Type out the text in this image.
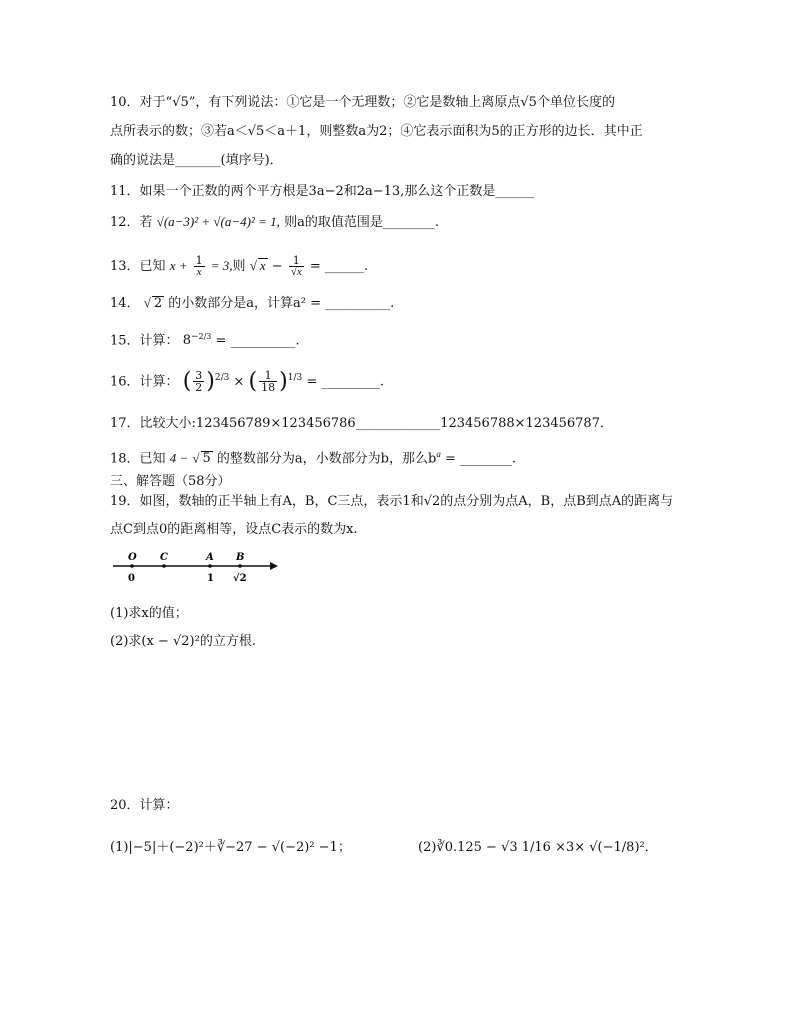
10．对于“√5”，有下列说法：①它是一个无理数；②它是数轴上离原点√5个单位长度的
点所表示的数；③若a＜√5＜a＋1，则整数a为2；④它表示面积为5的正方形的边长．其中正
确的说法是_______(填序号)．
11．如果一个正数的两个平方根是3a−2和2a−13,那么这个正数是______
12．若 √(a−3)² + √(a−4)² = 1, 则a的取值范围是________.
13．已知 $x + \frac{1}{x} = 3$,则 √ $x - \frac{1}{√x}$ = ______.
14． √ 2 的小数部分是a，计算a² = __________.
15．计算： $8^{-2/3}$ = __________.
16．计算： ( $\frac{3}{2} )^{2/3}$ × ( $\frac{1}{18} )^{1/3}$ = _________.
17．比较大小:123456789×123456786_____________123456788×123456787．
18．已知 4 − √ 5 的整数部分为a，小数部分为b，那么$b^a$ = ________.
三、解答题（58分）
19．如图，数轴的正半轴上有A，B，C三点，表示1和√2的点分别为点A，B，点B到点A的距离与
点C到点0的距离相等，设点C表示的数为x.
O C	A B
0	1 √2
(1)求x的值；
(2)求(x − √2)²的立方根.
20．计算：
(1)|−5|＋(−2)²＋∛−27 − √(−2)² −1；	(2)∛0.125 − √3 1/16 ×3× √(−1/8)²．
